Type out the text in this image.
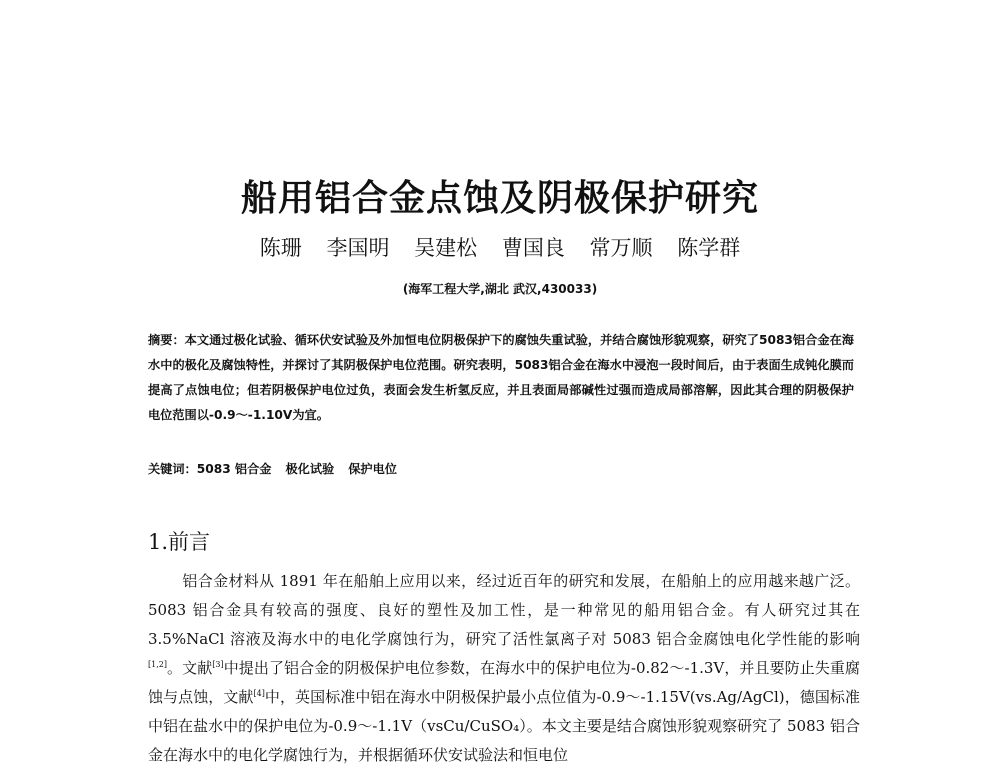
船用铝合金点蚀及阴极保护研究
陈珊 李国明 吴建松 曹国良 常万顺 陈学群
(海军工程大学,湖北 武汉,430033)
摘要：本文通过极化试验、循环伏安试验及外加恒电位阴极保护下的腐蚀失重试验，并结合腐蚀形貌观察，研究了5083铝合金在海水中的极化及腐蚀特性，并探讨了其阴极保护电位范围。研究表明，5083铝合金在海水中浸泡一段时间后，由于表面生成钝化膜而提高了点蚀电位；但若阴极保护电位过负，表面会发生析氢反应，并且表面局部碱性过强而造成局部溶解，因此其合理的阴极保护电位范围以-0.9～-1.10V为宜。
关键词：5083 铝合金 极化试验 保护电位
1.前言
铝合金材料从 1891 年在船舶上应用以来，经过近百年的研究和发展，在船舶上的应用越来越广泛。5083 铝合金具有较高的强度、良好的塑性及加工性，是一种常见的船用铝合金。有人研究过其在 3.5%NaCl 溶液及海水中的电化学腐蚀行为，研究了活性氯离子对 5083 铝合金腐蚀电化学性能的影响[1,2]。文献[3]中提出了铝合金的阴极保护电位参数，在海水中的保护电位为-0.82～-1.3V，并且要防止失重腐蚀与点蚀，文献[4]中，英国标准中铝在海水中阴极保护最小点位值为-0.9～-1.15V(vs.Ag/AgCl)，德国标准中铝在盐水中的保护电位为-0.9～-1.1V（vsCu/CuSO₄）。本文主要是结合腐蚀形貌观察研究了 5083 铝合金在海水中的电化学腐蚀行为，并根据循环伏安试验法和恒电位
